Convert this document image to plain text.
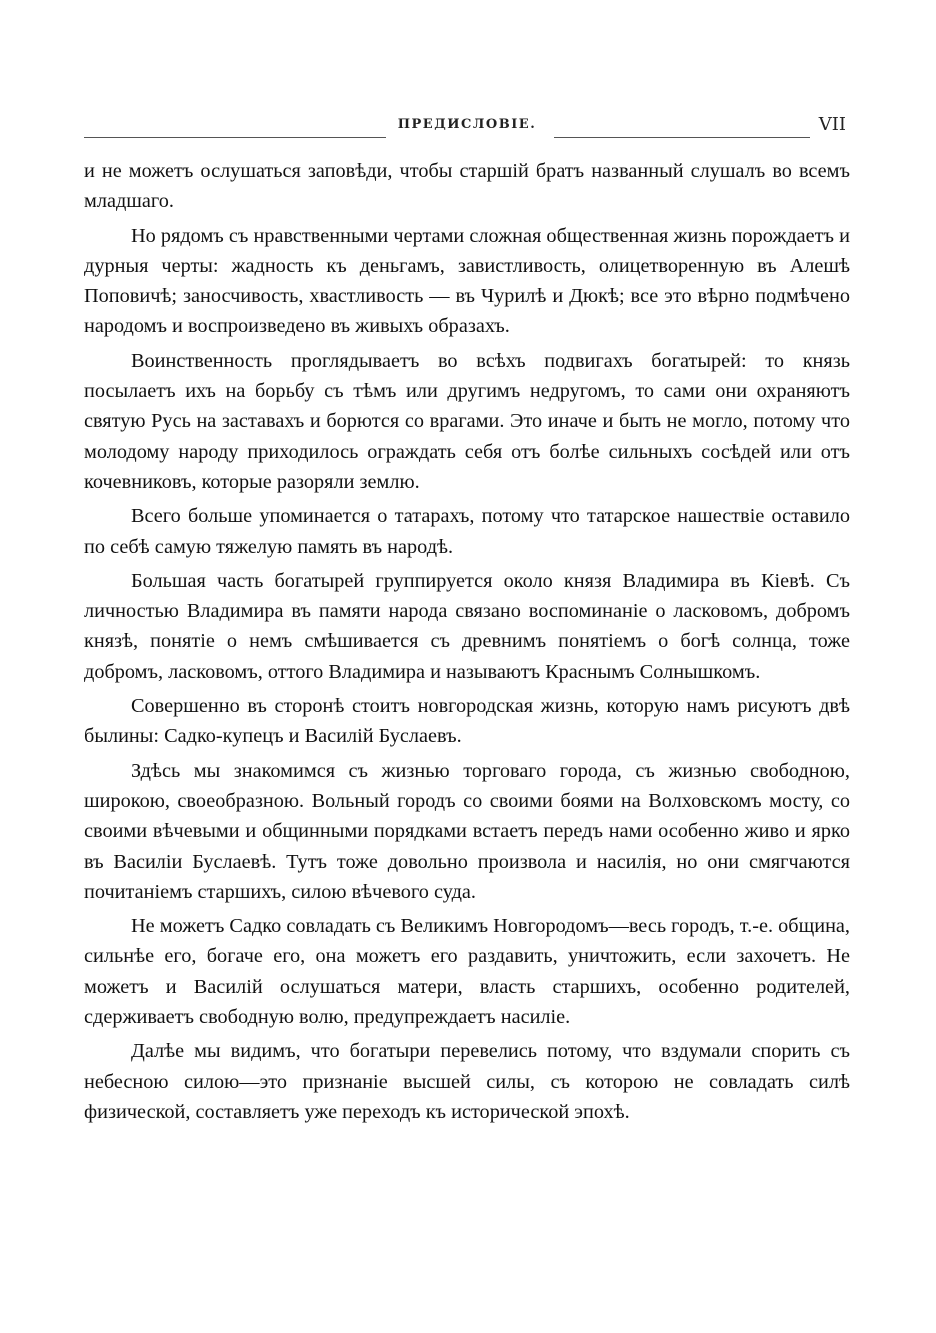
ПРЕДИСЛОВІЕ.	VII

и не можетъ ослушаться заповѣди, чтобы старшій братъ названный слушалъ во всемъ младшаго.

Но рядомъ съ нравственными чертами сложная общественная жизнь порождаетъ и дурныя черты: жадность къ деньгамъ, завистливость, олицетворенную въ Алешѣ Поповичѣ; заносчивость, хвастливость — въ Чурилѣ и Дюкѣ; все это вѣрно подмѣчено народомъ и воспроизведено въ живыхъ образахъ.

Воинственность проглядываетъ во всѣхъ подвигахъ богатырей: то князь посылаетъ ихъ на борьбу съ тѣмъ или другимъ недругомъ, то сами они охраняютъ святую Русь на заставахъ и борются со врагами. Это иначе и быть не могло, потому что молодому народу приходилось ограждать себя отъ болѣе сильныхъ сосѣдей или отъ кочевниковъ, которые разоряли землю.

Всего больше упоминается о татарахъ, потому что татарское нашествіе оставило по себѣ самую тяжелую память въ народѣ.

Большая часть богатырей группируется около князя Владимира въ Кіевѣ. Съ личностью Владимира въ памяти народа связано воспоминаніе о ласковомъ, добромъ князѣ, понятіе о немъ смѣшивается съ древнимъ понятіемъ о богѣ солнца, тоже добромъ, ласковомъ, оттого Владимира и называютъ Краснымъ Солнышкомъ.

Совершенно въ сторонѣ стоитъ новгородская жизнь, которую намъ рисуютъ двѣ былины: Садко-купецъ и Василій Буслаевъ.

Здѣсь мы знакомимся съ жизнью торговаго города, съ жизнью свободною, широкою, своеобразною. Вольный городъ со своими боями на Волховскомъ мосту, со своими вѣчевыми и общинными порядками встаетъ передъ нами особенно живо и ярко въ Василіи Буслаевѣ. Тутъ тоже довольно произвола и насилія, но они смягчаются почитаніемъ старшихъ, силою вѣчевого суда.

Не можетъ Садко совладать съ Великимъ Новгородомъ—весь городъ, т.-е. община, сильнѣе его, богаче его, она можетъ его раздавить, уничтожить, если захочетъ. Не можетъ и Василій ослушаться матери, власть старшихъ, особенно родителей, сдерживаетъ свободную волю, предупреждаетъ насиліе.

Далѣе мы видимъ, что богатыри перевелись потому, что вздумали спорить съ небесною силою—это признаніе высшей силы, съ которою не совладать силѣ физической, составляетъ уже переходъ къ исторической эпохѣ.
